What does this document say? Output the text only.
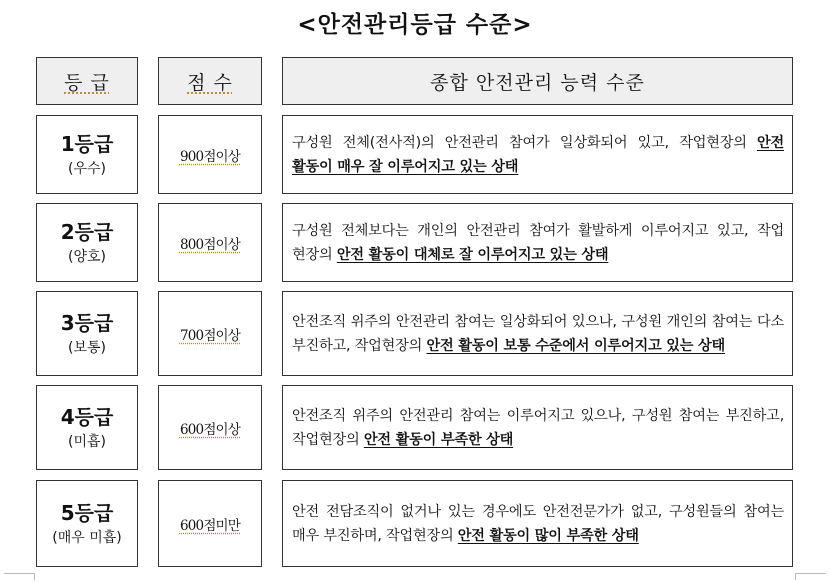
<안전관리등급 수준>
등 급	점 수	종합 안전관리 능력 수준
1등급
(우수)
900점이상
구성원 전체(전사적)의 안전관리 참여가 일상화되어 있고, 작업현장의 안전 활동이 매우 잘 이루어지고 있는 상태
2등급
(양호)
800점이상
구성원 전체보다는 개인의 안전관리 참여가 활발하게 이루어지고 있고, 작업 현장의 안전 활동이 대체로 잘 이루어지고 있는 상태
3등급
(보통)
700점이상
안전조직 위주의 안전관리 참여는 일상화되어 있으나, 구성원 개인의 참여는 다소 부진하고, 작업현장의 안전 활동이 보통 수준에서 이루어지고 있는 상태
4등급
(미흡)
600점이상
안전조직 위주의 안전관리 참여는 이루어지고 있으나, 구성원 참여는 부진하고, 작업현장의 안전 활동이 부족한 상태
5등급
(매우 미흡)
600점미만
안전 전담조직이 없거나 있는 경우에도 안전전문가가 없고, 구성원들의 참여는 매우 부진하며, 작업현장의 안전 활동이 많이 부족한 상태
